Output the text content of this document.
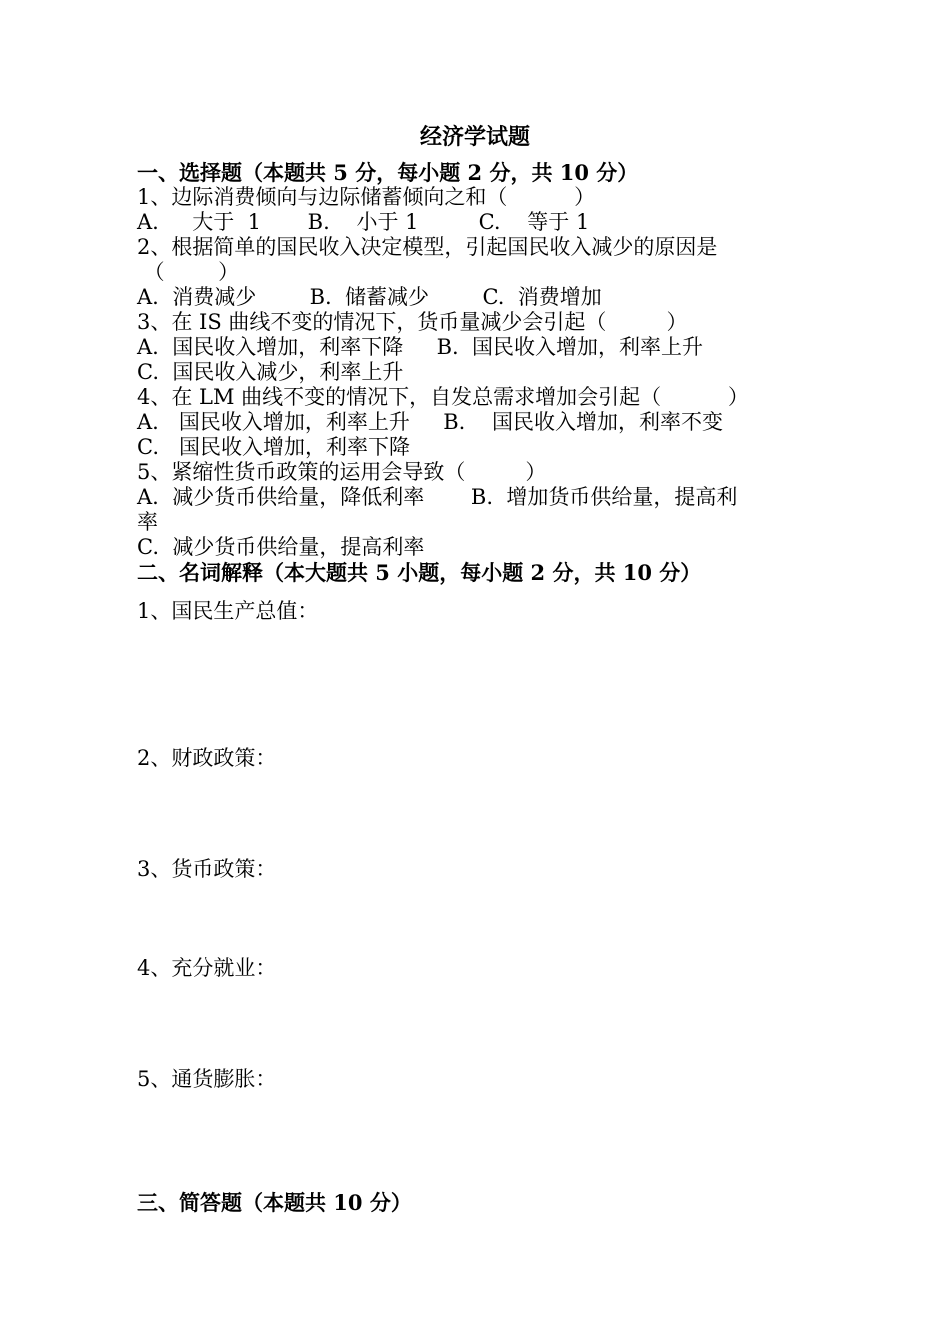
经济学试题
一、选择题（本题共 5 分，每小题 2 分，共 10 分）
1、边际消费倾向与边际储蓄倾向之和（          ）
A.     大于  1       B.    小于 1         C.    等于 1
2、根据简单的国民收入决定模型，引起国民收入减少的原因是
（        ）
A.  消费减少        B.  储蓄减少        C.  消费增加
3、在 IS 曲线不变的情况下，货币量减少会引起（         ）
A.  国民收入增加，利率下降     B.  国民收入增加，利率上升
C.  国民收入减少，利率上升
4、在 LM 曲线不变的情况下，自发总需求增加会引起（          ）
A.   国民收入增加，利率上升     B.    国民收入增加，利率不变
C.   国民收入增加，利率下降
5、紧缩性货币政策的运用会导致（         ）
A.  减少货币供给量，降低利率       B.  增加货币供给量，提高利
率
C.  减少货币供给量，提高利率
二、名词解释（本大题共 5 小题，每小题 2 分，共 10 分）
1、国民生产总值：
2、财政政策：
3、货币政策：
4、充分就业：
5、通货膨胀：
三、简答题（本题共 10 分）
